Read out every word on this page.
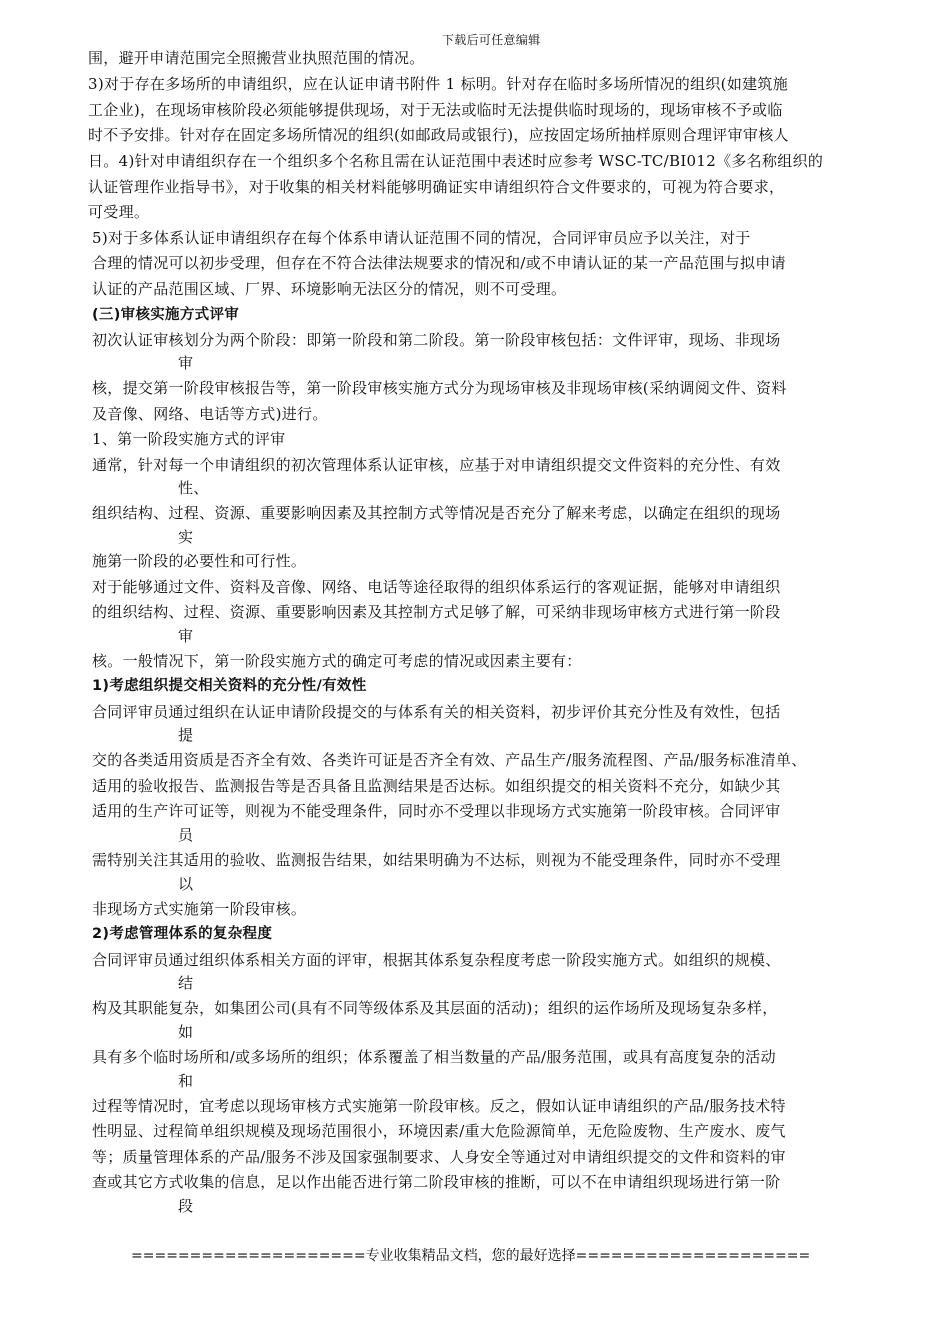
下载后可任意编辑
围，避开申请范围完全照搬营业执照范围的情况。
3)对于存在多场所的申请组织，应在认证申请书附件 1 标明。针对存在临时多场所情况的组织(如建筑施
工企业)，在现场审核阶段必须能够提供现场，对于无法或临时无法提供临时现场的，现场审核不予或临
时不予安排。针对存在固定多场所情况的组织(如邮政局或银行)，应按固定场所抽样原则合理评审审核人
日。4)针对申请组织存在一个组织多个名称且需在认证范围中表述时应参考 WSC-TC/BI012《多名称组织的
认证管理作业指导书》，对于收集的相关材料能够明确证实申请组织符合文件要求的，可视为符合要求，
可受理。
5)对于多体系认证申请组织存在每个体系申请认证范围不同的情况，合同评审员应予以关注，对于
合理的情况可以初步受理，但存在不符合法律法规要求的情况和/或不申请认证的某一产品范围与拟申请
认证的产品范围区域、厂界、环境影响无法区分的情况，则不可受理。
(三)审核实施方式评审
初次认证审核划分为两个阶段：即第一阶段和第二阶段。第一阶段审核包括：文件评审，现场、非现场
审
核，提交第一阶段审核报告等，第一阶段审核实施方式分为现场审核及非现场审核(采纳调阅文件、资料
及音像、网络、电话等方式)进行。
1、第一阶段实施方式的评审
通常，针对每一个申请组织的初次管理体系认证审核，应基于对申请组织提交文件资料的充分性、有效
性、
组织结构、过程、资源、重要影响因素及其控制方式等情况是否充分了解来考虑，以确定在组织的现场
实
施第一阶段的必要性和可行性。
对于能够通过文件、资料及音像、网络、电话等途径取得的组织体系运行的客观证据，能够对申请组织
的组织结构、过程、资源、重要影响因素及其控制方式足够了解，可采纳非现场审核方式进行第一阶段
审
核。一般情况下，第一阶段实施方式的确定可考虑的情况或因素主要有：
1)考虑组织提交相关资料的充分性/有效性
合同评审员通过组织在认证申请阶段提交的与体系有关的相关资料，初步评价其充分性及有效性，包括
提
交的各类适用资质是否齐全有效、各类许可证是否齐全有效、产品生产/服务流程图、产品/服务标准清单、
适用的验收报告、监测报告等是否具备且监测结果是否达标。如组织提交的相关资料不充分，如缺少其
适用的生产许可证等，则视为不能受理条件，同时亦不受理以非现场方式实施第一阶段审核。合同评审
员
需特别关注其适用的验收、监测报告结果，如结果明确为不达标，则视为不能受理条件，同时亦不受理
以
非现场方式实施第一阶段审核。
2)考虑管理体系的复杂程度
合同评审员通过组织体系相关方面的评审，根据其体系复杂程度考虑一阶段实施方式。如组织的规模、
结
构及其职能复杂，如集团公司(具有不同等级体系及其层面的活动)；组织的运作场所及现场复杂多样，
如
具有多个临时场所和/或多场所的组织；体系覆盖了相当数量的产品/服务范围，或具有高度复杂的活动
和
过程等情况时，宜考虑以现场审核方式实施第一阶段审核。反之，假如认证申请组织的产品/服务技术特
性明显、过程简单组织规模及现场范围很小，环境因素/重大危险源简单，无危险废物、生产废水、废气
等；质量管理体系的产品/服务不涉及国家强制要求、人身安全等通过对申请组织提交的文件和资料的审
查或其它方式收集的信息，足以作出能否进行第二阶段审核的推断，可以不在申请组织现场进行第一阶
段
====================专业收集精品文档，您的最好选择====================
